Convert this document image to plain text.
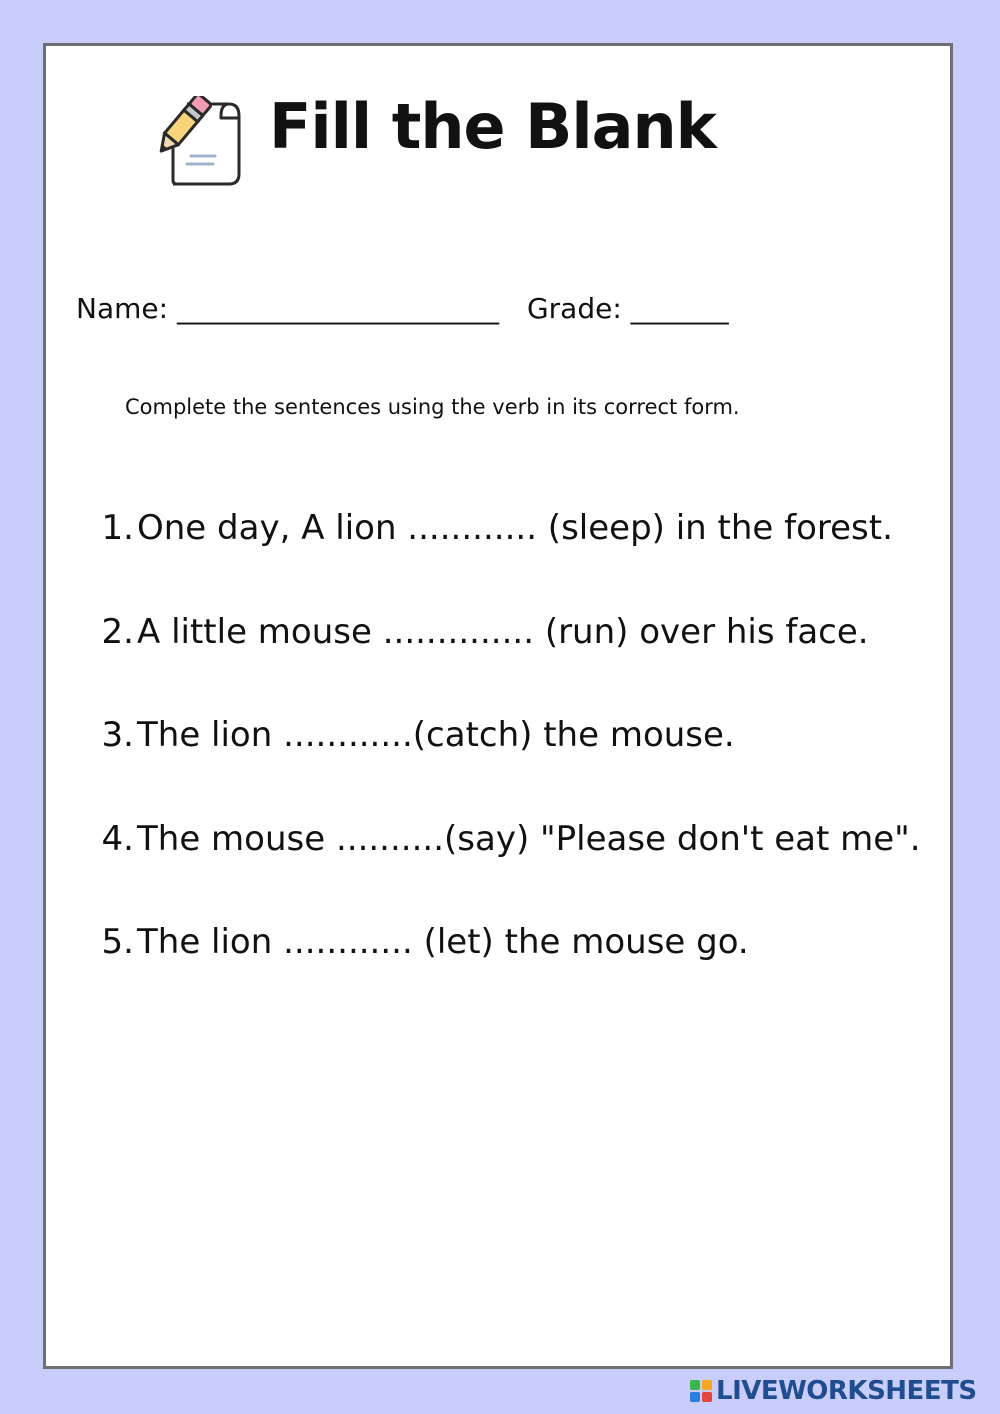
Fill the Blank
Name: _______________________ Grade: _______
Complete the sentences using the verb in its correct form.
1. One day, A lion ............ (sleep) in the forest.
2. A little mouse .............. (run) over his face.
3. The lion ............(catch) the mouse.
4. The mouse ..........(say) "Please don't eat me".
5. The lion ............ (let) the mouse go.
LIVEWORKSHEETS
